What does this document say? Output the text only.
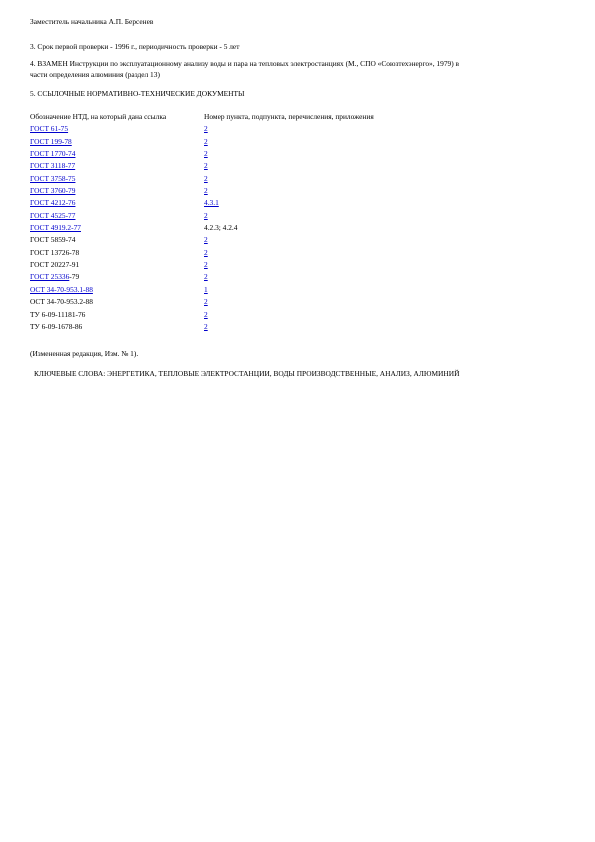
Заместитель начальника А.П. Берсенев
3. Срок первой проверки - 1996 г., периодичность проверки - 5 лет
4. ВЗАМЕН Инструкции по эксплуатационному анализу воды и пара на тепловых электростанциях (М., СПО «Союзтехэнерго», 1979) в
части определения алюминия (раздел 13)
5. ССЫЛОЧНЫЕ НОРМАТИВНО-ТЕХНИЧЕСКИЕ ДОКУМЕНТЫ
Обозначение НТД, на который дана ссылка	Номер пункта, подпункта, перечисления, приложения
ГОСТ 61-75	2
ГОСТ 199-78	2
ГОСТ 1770-74	2
ГОСТ 3118-77	2
ГОСТ 3758-75	2
ГОСТ 3760-79	2
ГОСТ 4212-76	4.3.1
ГОСТ 4525-77	2
ГОСТ 4919.2-77	4.2.3; 4.2.4
ГОСТ 5859-74	2
ГОСТ 13726-78	2
ГОСТ 20227-91	2
ГОСТ 25336-79	2
ОСТ 34-70-953.1-88	1
ОСТ 34-70-953.2-88	2
ТУ 6-09-11181-76	2
ТУ 6-09-1678-86	2
(Измененная редакция, Изм. № 1).
КЛЮЧЕВЫЕ СЛОВА: ЭНЕРГЕТИКА, ТЕПЛОВЫЕ ЭЛЕКТРОСТАНЦИИ, ВОДЫ ПРОИЗВОДСТВЕННЫЕ, АНАЛИЗ, АЛЮМИНИЙ
